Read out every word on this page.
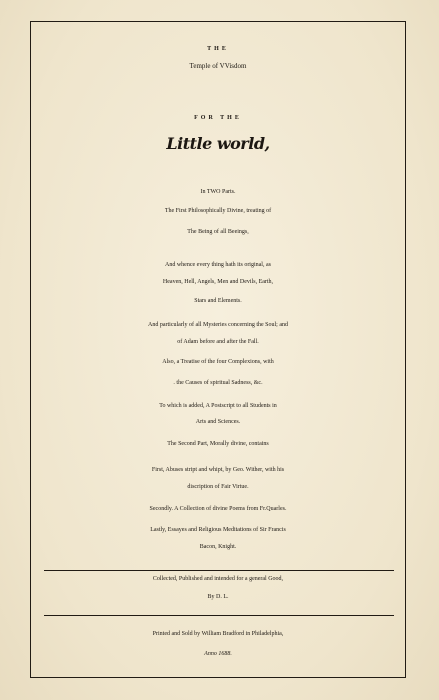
THE
Temple of VVisdom
FOR THE
Little world,
In TWO Parts.
The First Philosophically Divine, treating of
The Being of all Beeings,
And whence every thing hath its original, as
Heaven, Hell, Angels, Men and Devils, Earth,
Stars and Elements.
And particularly of all Mysteries concerning the Soul; and
of Adam before and after the Fall.
Also, a Treatise of the four Complexions, with
. the Causes of spiritual Sadness, &c.
To which is added, A Postscript to all Students in
Arts and Sciences.
The Second Part, Morally divine, contains
First, Abuses stript and whipt, by Geo. Wither, with his
discription of Fair Virtue.
Secondly. A Collection of divine Poems from Fr.Quarles.
Lastly, Essayes and Religious Meditations of Sir Francis
Bacon, Knight.
Collected, Published and intended for a general Good,
By D. L.
Printed and Sold by William Bradford in Philadelphia,
Anno 1688.
